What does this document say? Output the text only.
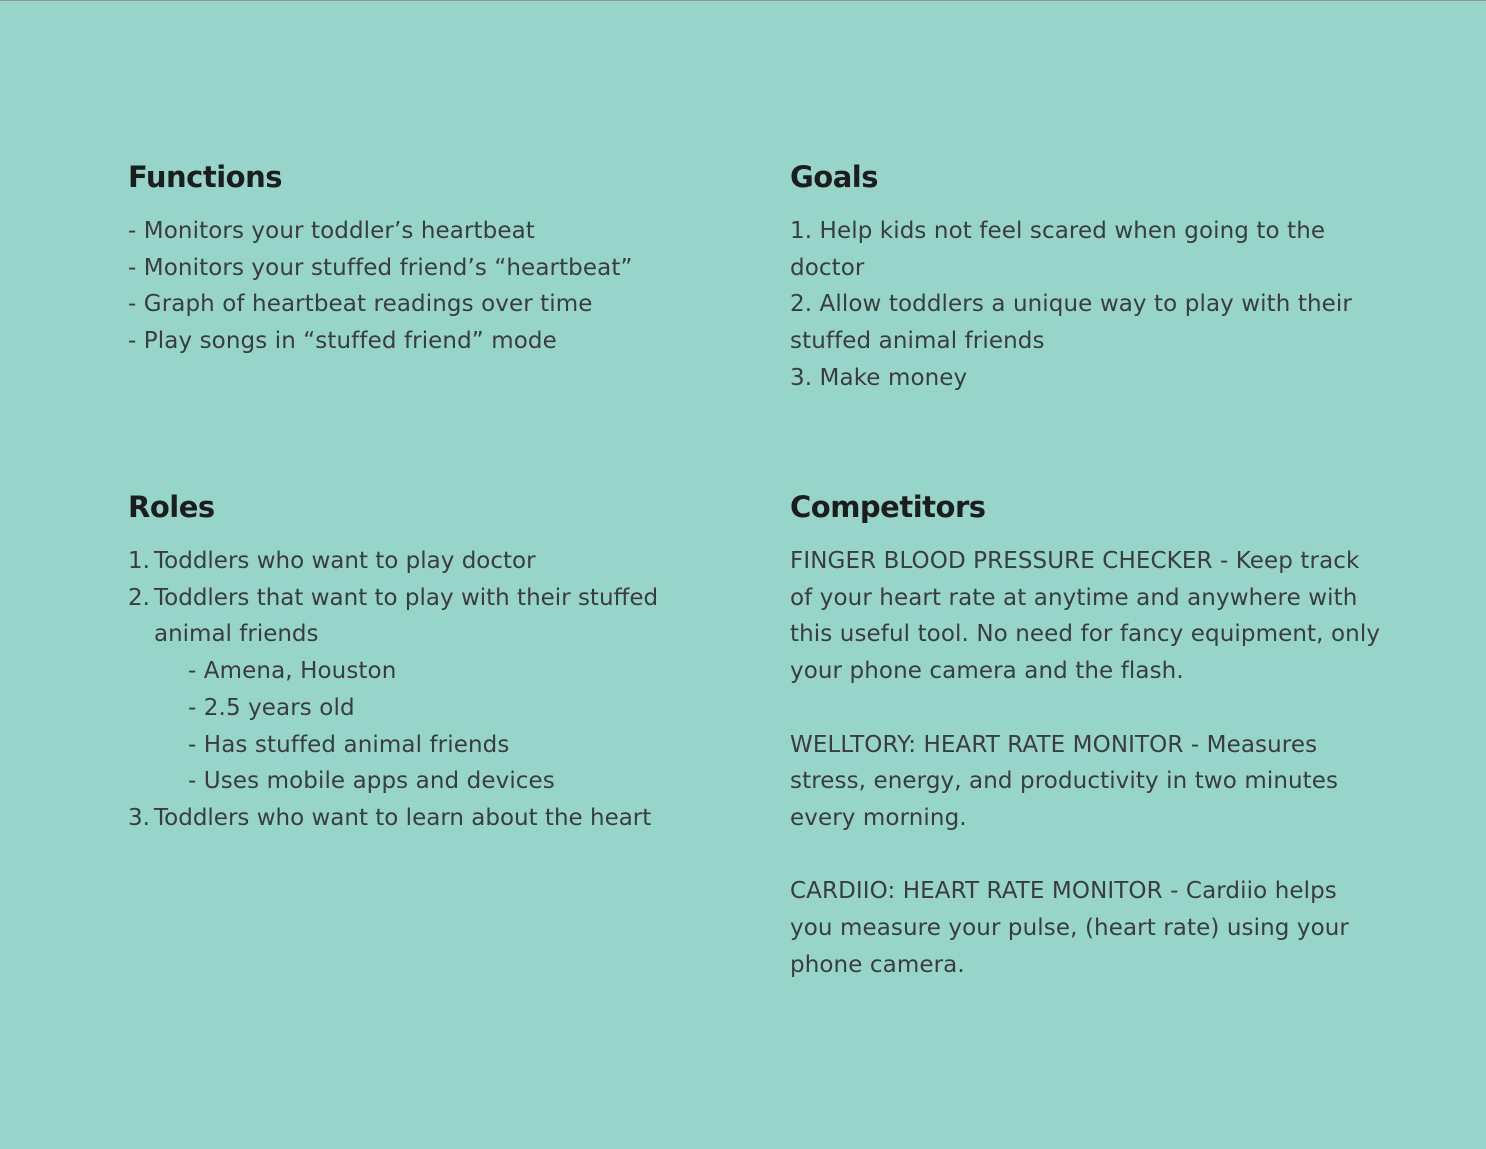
Functions
- Monitors your toddler’s heartbeat
- Monitors your stuffed friend’s “heartbeat”
- Graph of heartbeat readings over time
- Play songs in “stuffed friend” mode
Goals
1. Help kids not feel scared when going to the
doctor
2. Allow toddlers a unique way to play with their
stuffed animal friends
3. Make money
Roles
1. Toddlers who want to play doctor
2. Toddlers that want to play with their stuffed
animal friends
- Amena, Houston
- 2.5 years old
- Has stuffed animal friends
- Uses mobile apps and devices
3. Toddlers who want to learn about the heart
Competitors
FINGER BLOOD PRESSURE CHECKER - Keep track
of your heart rate at anytime and anywhere with
this useful tool. No need for fancy equipment, only
your phone camera and the flash.
WELLTORY: HEART RATE MONITOR - Measures
stress, energy, and productivity in two minutes
every morning.
CARDIIO: HEART RATE MONITOR - Cardiio helps
you measure your pulse, (heart rate) using your
phone camera.
